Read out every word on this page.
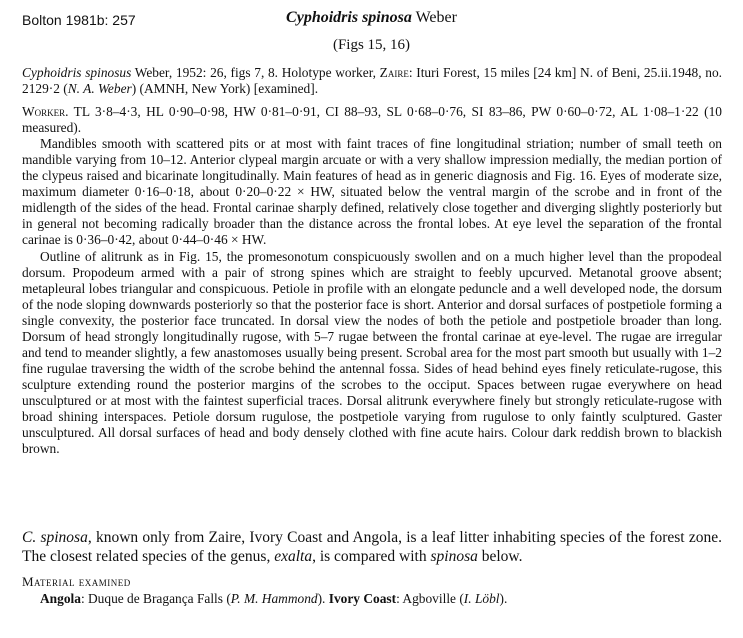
Bolton 1981b: 257	Cyphoidris spinosa Weber
(Figs 15, 16)

Cyphoidris spinosus Weber, 1952: 26, figs 7, 8. Holotype worker, Zaire: Ituri Forest, 15 miles [24 km] N. of Beni, 25.ii.1948, no. 2129·2 (N. A. Weber) (AMNH, New York) [examined].

Worker. TL 3·8–4·3, HL 0·90–0·98, HW 0·81–0·91, CI 88–93, SL 0·68–0·76, SI 83–86, PW 0·60–0·72, AL 1·08–1·22 (10 measured).

Mandibles smooth with scattered pits or at most with faint traces of fine longitudinal striation; number of small teeth on mandible varying from 10–12. Anterior clypeal margin arcuate or with a very shallow impression medially, the median portion of the clypeus raised and bicarinate longitudinally. Main features of head as in generic diagnosis and Fig. 16. Eyes of moderate size, maximum diameter 0·16–0·18, about 0·20–0·22 × HW, situated below the ventral margin of the scrobe and in front of the midlength of the sides of the head. Frontal carinae sharply defined, relatively close together and diverging slightly posteriorly but in general not becoming radically broader than the distance across the frontal lobes. At eye level the separation of the frontal carinae is 0·36–0·42, about 0·44–0·46 × HW.

Outline of alitrunk as in Fig. 15, the promesonotum conspicuously swollen and on a much higher level than the propodeal dorsum. Propodeum armed with a pair of strong spines which are straight to feebly upcurved. Metanotal groove absent; metapleural lobes triangular and conspicuous. Petiole in profile with an elongate peduncle and a well developed node, the dorsum of the node sloping downwards posteriorly so that the posterior face is short. Anterior and dorsal surfaces of postpetiole forming a single convexity, the posterior face truncated. In dorsal view the nodes of both the petiole and postpetiole broader than long. Dorsum of head strongly longitudinally rugose, with 5–7 rugae between the frontal carinae at eye-level. The rugae are irregular and tend to meander slightly, a few anastomoses usually being present. Scrobal area for the most part smooth but usually with 1–2 fine rugulae traversing the width of the scrobe behind the antennal fossa. Sides of head behind eyes finely reticulate-rugose, this sculpture extending round the posterior margins of the scrobes to the occiput. Spaces between rugae everywhere on head unsculptured or at most with the faintest superficial traces. Dorsal alitrunk everywhere finely but strongly reticulate-rugose with broad shining interspaces. Petiole dorsum rugulose, the postpetiole varying from rugulose to only faintly sculptured. Gaster unsculptured. All dorsal surfaces of head and body densely clothed with fine acute hairs. Colour dark reddish brown to blackish brown.

C. spinosa, known only from Zaire, Ivory Coast and Angola, is a leaf litter inhabiting species of the forest zone. The closest related species of the genus, exalta, is compared with spinosa below.

Material examined

Angola: Duque de Bragança Falls (P. M. Hammond). Ivory Coast: Agboville (I. Löbl).
